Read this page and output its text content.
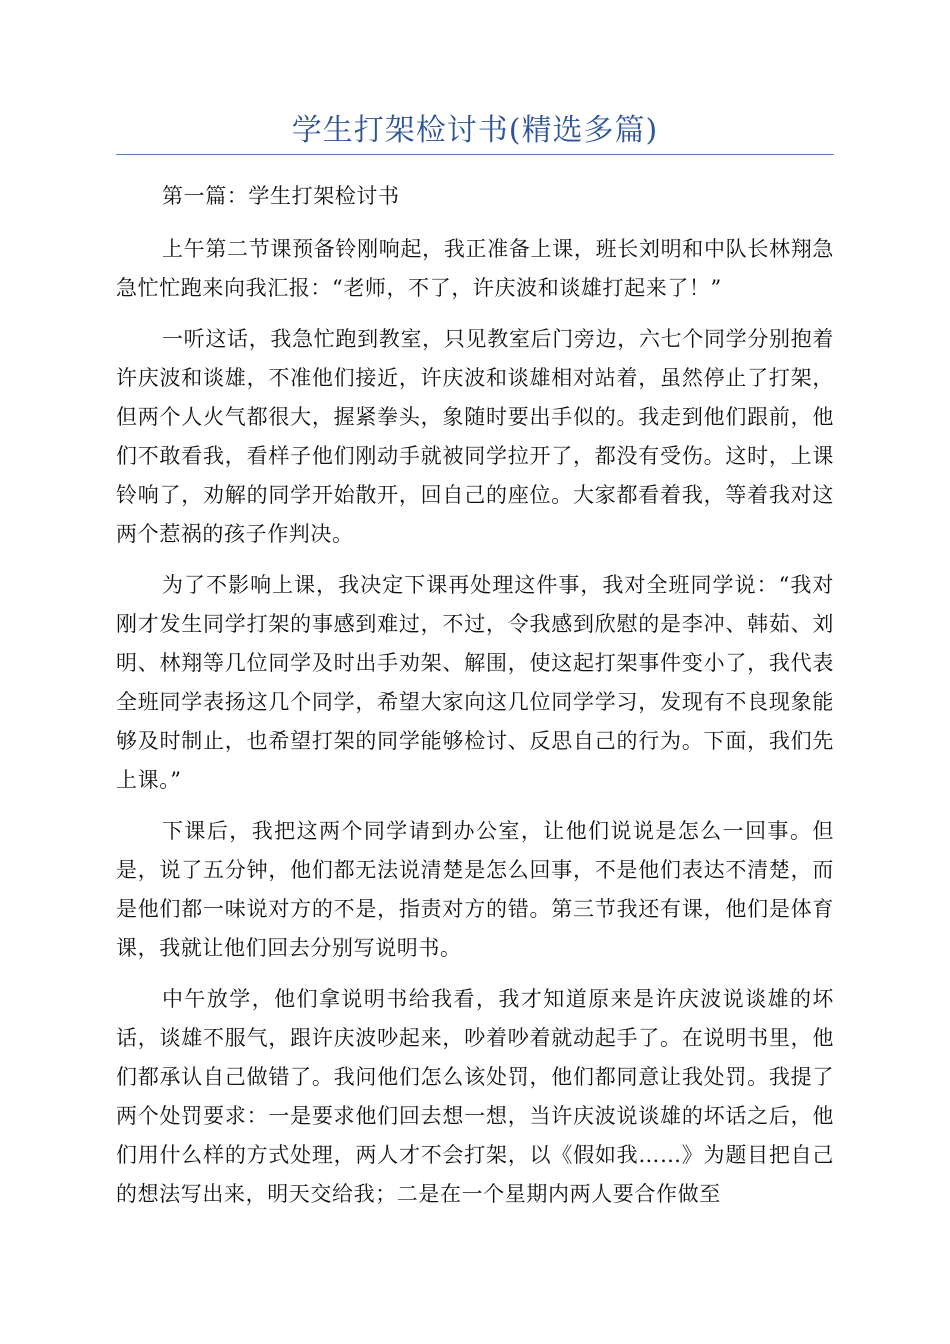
学生打架检讨书(精选多篇)

第一篇：学生打架检讨书

上午第二节课预备铃刚响起，我正准备上课，班长刘明和中队长林翔急急忙忙跑来向我汇报：“老师，不了，许庆波和谈雄打起来了！”

一听这话，我急忙跑到教室，只见教室后门旁边，六七个同学分别抱着许庆波和谈雄，不准他们接近，许庆波和谈雄相对站着，虽然停止了打架，但两个人火气都很大，握紧拳头，象随时要出手似的。我走到他们跟前，他们不敢看我，看样子他们刚动手就被同学拉开了，都没有受伤。这时，上课铃响了，劝解的同学开始散开，回自己的座位。大家都看着我，等着我对这两个惹祸的孩子作判决。

为了不影响上课，我决定下课再处理这件事，我对全班同学说：“我对刚才发生同学打架的事感到难过，不过，令我感到欣慰的是李冲、韩茹、刘明、林翔等几位同学及时出手劝架、解围，使这起打架事件变小了，我代表全班同学表扬这几个同学，希望大家向这几位同学学习，发现有不良现象能够及时制止，也希望打架的同学能够检讨、反思自己的行为。下面，我们先上课。”

下课后，我把这两个同学请到办公室，让他们说说是怎么一回事。但是，说了五分钟，他们都无法说清楚是怎么回事，不是他们表达不清楚，而是他们都一味说对方的不是，指责对方的错。第三节我还有课，他们是体育课，我就让他们回去分别写说明书。

中午放学，他们拿说明书给我看，我才知道原来是许庆波说谈雄的坏话，谈雄不服气，跟许庆波吵起来，吵着吵着就动起手了。在说明书里，他们都承认自己做错了。我问他们怎么该处罚，他们都同意让我处罚。我提了两个处罚要求：一是要求他们回去想一想，当许庆波说谈雄的坏话之后，他们用什么样的方式处理，两人才不会打架，以《假如我……》为题目把自己的想法写出来，明天交给我；二是在一个星期内两人要合作做至
